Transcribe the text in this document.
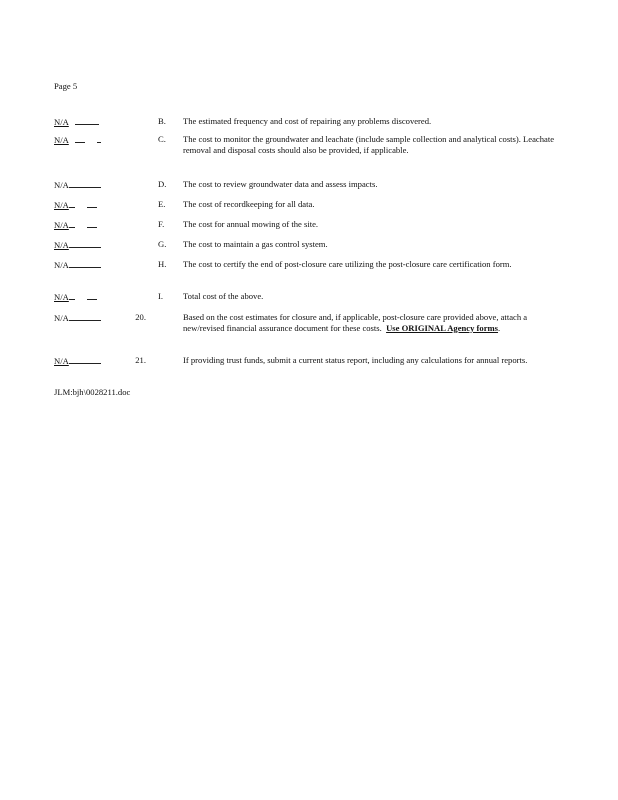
Page 5
N/A	B. The estimated frequency and cost of repairing any problems discovered.
N/A	C. The cost to monitor the groundwater and leachate (include sample collection and analytical costs). Leachate removal and disposal costs should also be provided, if applicable.
N/A	D. The cost to review groundwater data and assess impacts.
N/A	E. The cost of recordkeeping for all data.
N/A	F. The cost for annual mowing of the site.
N/A	G. The cost to maintain a gas control system.
N/A	H. The cost to certify the end of post-closure care utilizing the post-closure care certification form.
N/A	I. Total cost of the above.
N/A	20.	Based on the cost estimates for closure and, if applicable, post-closure care provided above, attach a new/revised financial assurance document for these costs. Use ORIGINAL Agency forms.
N/A	21.	If providing trust funds, submit a current status report, including any calculations for annual reports.
JLM:bjh\0028211.doc
